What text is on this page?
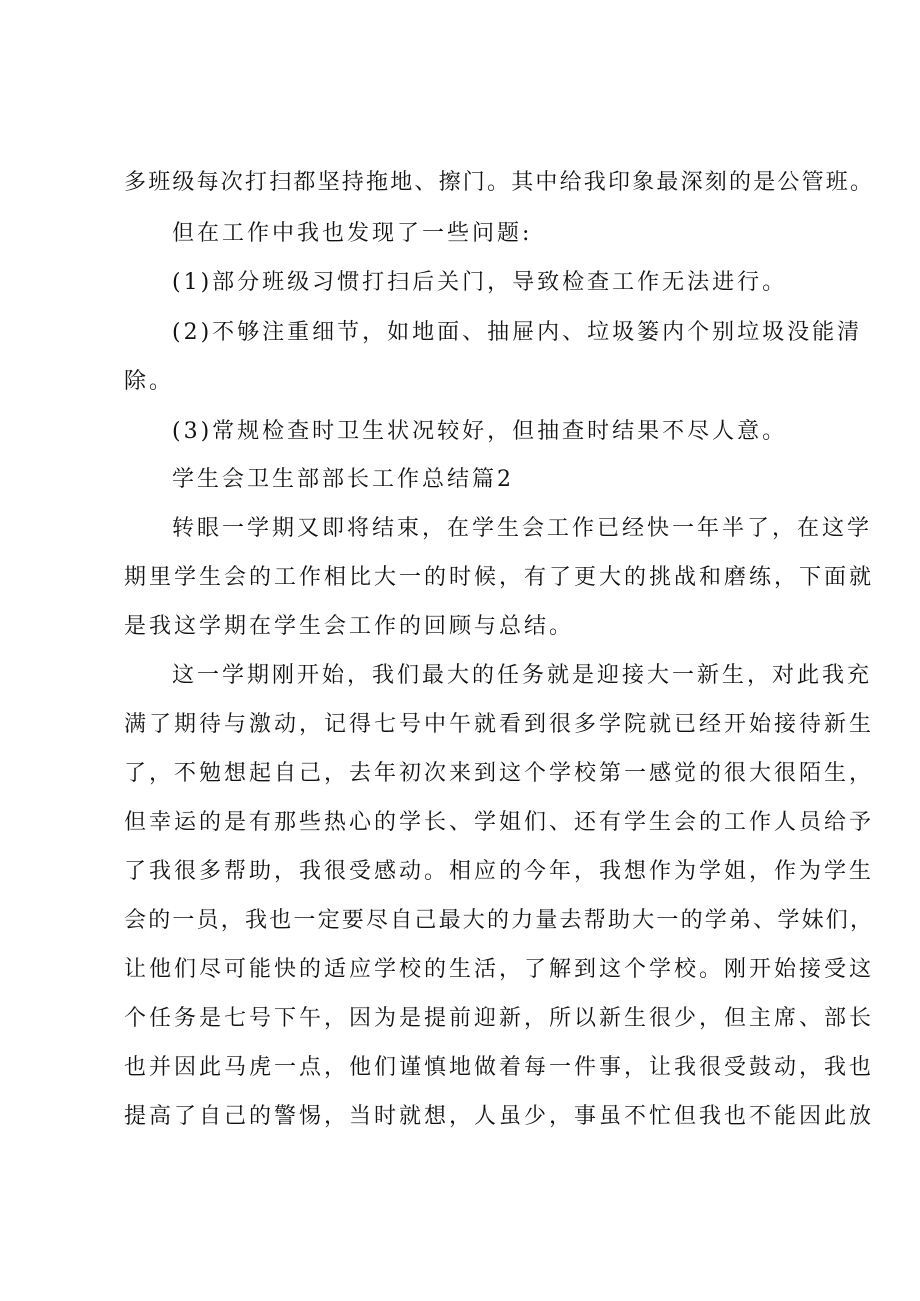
多班级每次打扫都坚持拖地、擦门。其中给我印象最深刻的是公管班。
但在工作中我也发现了一些问题:
(1)部分班级习惯打扫后关门，导致检查工作无法进行。
(2)不够注重细节，如地面、抽屉内、垃圾篓内个别垃圾没能清
除。
(3)常规检查时卫生状况较好，但抽查时结果不尽人意。
学生会卫生部部长工作总结篇2
转眼一学期又即将结束，在学生会工作已经快一年半了，在这学
期里学生会的工作相比大一的时候，有了更大的挑战和磨练，下面就
是我这学期在学生会工作的回顾与总结。
这一学期刚开始，我们最大的任务就是迎接大一新生，对此我充
满了期待与激动，记得七号中午就看到很多学院就已经开始接待新生
了，不勉想起自己，去年初次来到这个学校第一感觉的很大很陌生，
但幸运的是有那些热心的学长、学姐们、还有学生会的工作人员给予
了我很多帮助，我很受感动。相应的今年，我想作为学姐，作为学生
会的一员，我也一定要尽自己最大的力量去帮助大一的学弟、学妹们，
让他们尽可能快的适应学校的生活，了解到这个学校。刚开始接受这
个任务是七号下午，因为是提前迎新，所以新生很少，但主席、部长
也并因此马虎一点，他们谨慎地做着每一件事，让我很受鼓动，我也
提高了自己的警惕，当时就想，人虽少，事虽不忙但我也不能因此放
